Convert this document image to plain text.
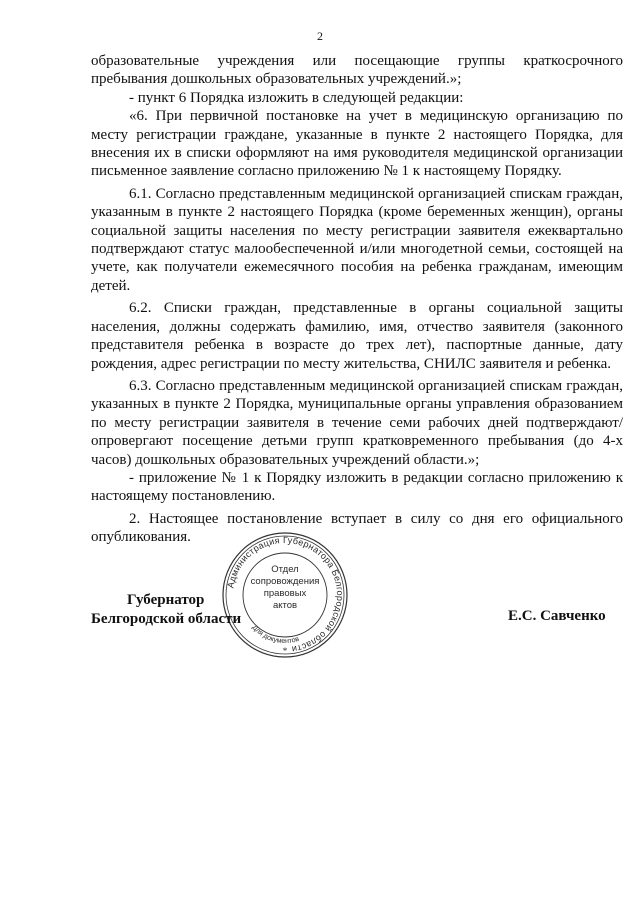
2

образовательные учреждения или посещающие группы краткосрочного пребывания дошкольных образовательных учреждений.»;

- пункт 6 Порядка изложить в следующей редакции:

«6. При первичной постановке на учет в медицинскую организацию по месту регистрации граждане, указанные в пункте 2 настоящего Порядка, для внесения их в списки оформляют на имя руководителя медицинской организации письменное заявление согласно приложению № 1 к настоящему Порядку.

6.1. Согласно представленным медицинской организацией спискам граждан, указанным в пункте 2 настоящего Порядка (кроме беременных женщин), органы социальной защиты населения по месту регистрации заявителя ежеквартально подтверждают статус малообеспеченной и/или многодетной семьи, состоящей на учете, как получатели ежемесячного пособия на ребенка гражданам, имеющим детей.

6.2. Списки граждан, представленные в органы социальной защиты населения, должны содержать фамилию, имя, отчество заявителя (законного представителя ребенка в возрасте до трех лет), паспортные данные, дату рождения, адрес регистрации по месту жительства, СНИЛС заявителя и ребенка.

6.3. Согласно представленным медицинской организацией спискам граждан, указанных в пункте 2 Порядка, муниципальные органы управления образованием по месту регистрации заявителя в течение семи рабочих дней подтверждают/опровергают посещение детьми групп кратковременного пребывания (до 4-х часов) дошкольных образовательных учреждений области.»;

- приложение № 1 к Порядку изложить в редакции согласно приложению к настоящему постановлению.

2. Настоящее постановление вступает в силу со дня его официального опубликования.

Администрация Губернатора Белгородской области
Для документов
*
Отдел
сопровождения
правовых
актов
Губернатор
Белгородской области	Е.С. Савченко
